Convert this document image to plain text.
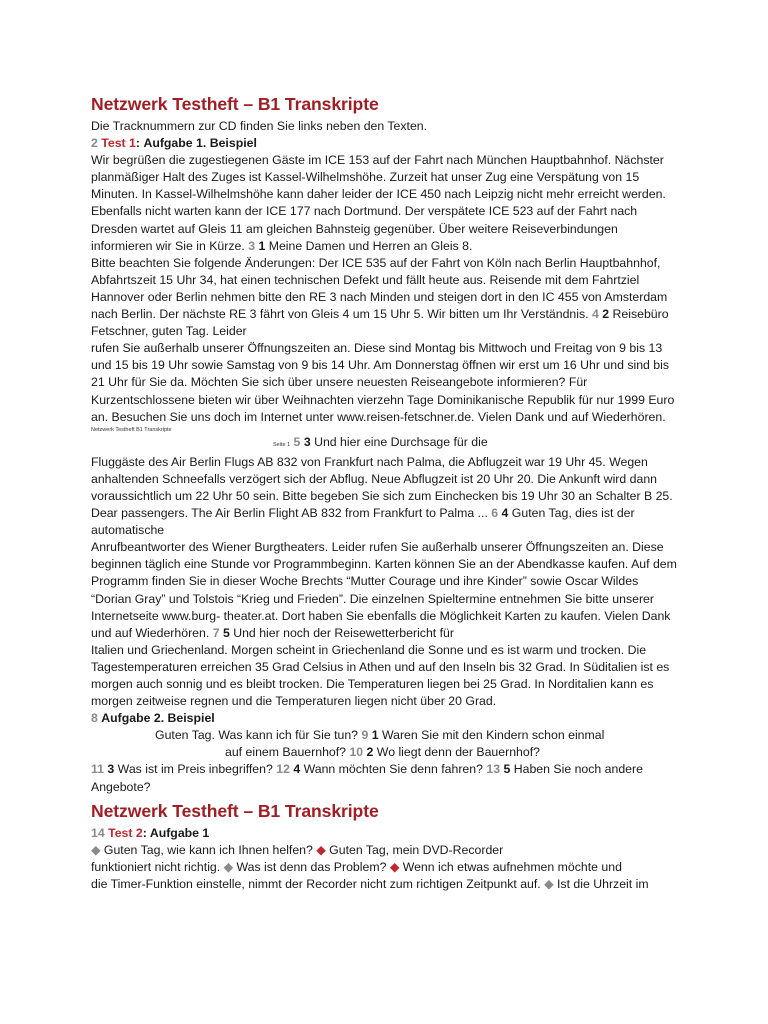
Netzwerk Testheft – B1 Transkripte

Die Tracknummern zur CD finden Sie links neben den Texten.

2 Test 1: Aufgabe 1. Beispiel

Wir begrüßen die zugestiegenen Gäste im ICE 153 auf der Fahrt nach München Hauptbahnhof. Nächster planmäßiger Halt des Zuges ist Kassel-Wilhelmshöhe. Zurzeit hat unser Zug eine Verspätung von 15 Minuten. In Kassel-Wilhelmshöhe kann daher leider der ICE 450 nach Leipzig nicht mehr erreicht werden. Ebenfalls nicht warten kann der ICE 177 nach Dortmund. Der verspätete ICE 523 auf der Fahrt nach Dresden wartet auf Gleis 11 am gleichen Bahnsteig gegenüber. Über weitere Reiseverbindungen informieren wir Sie in Kürze. 3 1 Meine Damen und Herren an Gleis 8.

Bitte beachten Sie folgende Änderungen: Der ICE 535 auf der Fahrt von Köln nach Berlin Hauptbahnhof, Abfahrtszeit 15 Uhr 34, hat einen technischen Defekt und fällt heute aus. Reisende mit dem Fahrtziel Hannover oder Berlin nehmen bitte den RE 3 nach Minden und steigen dort in den IC 455 von Amsterdam nach Berlin. Der nächste RE 3 fährt von Gleis 4 um 15 Uhr 5. Wir bitten um Ihr Verständnis. 4 2 Reisebüro Fetschner, guten Tag. Leider

rufen Sie außerhalb unserer Öffnungszeiten an. Diese sind Montag bis Mittwoch und Freitag von 9 bis 13 und 15 bis 19 Uhr sowie Samstag von 9 bis 14 Uhr. Am Donnerstag öffnen wir erst um 16 Uhr und sind bis 21 Uhr für Sie da. Möchten Sie sich über unsere neuesten Reiseangebote informieren? Für Kurzentschlossene bieten wir über Weihnachten vierzehn Tage Dominikanische Republik für nur 1999 Euro an. Besuchen Sie uns doch im Internet unter www.reisen-fetschner.de. Vielen Dank und auf Wiederhören.

Netzwerk Testheft B1 Transkripte

Seite 1 5 3 Und hier eine Durchsage für die

Fluggäste des Air Berlin Flugs AB 832 von Frankfurt nach Palma, die Abflugzeit war 19 Uhr 45. Wegen anhaltenden Schneefalls verzögert sich der Abflug. Neue Abflugzeit ist 20 Uhr 20. Die Ankunft wird dann voraussichtlich um 22 Uhr 50 sein. Bitte begeben Sie sich zum Einchecken bis 19 Uhr 30 an Schalter B 25. Dear passengers. The Air Berlin Flight AB 832 from Frankfurt to Palma ... 6 4 Guten Tag, dies ist der automatische

Anrufbeantworter des Wiener Burgtheaters. Leider rufen Sie außerhalb unserer Öffnungszeiten an. Diese beginnen täglich eine Stunde vor Programmbeginn. Karten können Sie an der Abendkasse kaufen. Auf dem Programm finden Sie in dieser Woche Brechts “Mutter Courage und ihre Kinder” sowie Oscar Wildes “Dorian Gray” und Tolstois “Krieg und Frieden”. Die einzelnen Spieltermine entnehmen Sie bitte unserer Internetseite www.burg- theater.at. Dort haben Sie ebenfalls die Möglichkeit Karten zu kaufen. Vielen Dank und auf Wiederhören. 7 5 Und hier noch der Reisewetterbericht für

Italien und Griechenland. Morgen scheint in Griechenland die Sonne und es ist warm und trocken. Die Tagestemperaturen erreichen 35 Grad Celsius in Athen und auf den Inseln bis 32 Grad. In Süditalien ist es morgen auch sonnig und es bleibt trocken. Die Temperaturen liegen bei 25 Grad. In Norditalien kann es morgen zeitweise regnen und die Temperaturen liegen nicht über 20 Grad.

8 Aufgabe 2. Beispiel

Guten Tag. Was kann ich für Sie tun? 9 1 Waren Sie mit den Kindern schon einmal

auf einem Bauernhof? 10 2 Wo liegt denn der Bauernhof?

11 3 Was ist im Preis inbegriffen? 12 4 Wann möchten Sie denn fahren? 13 5 Haben Sie noch andere Angebote?

Netzwerk Testheft – B1 Transkripte

14 Test 2: Aufgabe 1

◆ Guten Tag, wie kann ich Ihnen helfen? ◆ Guten Tag, mein DVD-Recorder

funktioniert nicht richtig. ◆ Was ist denn das Problem? ◆ Wenn ich etwas aufnehmen möchte und

die Timer-Funktion einstelle, nimmt der Recorder nicht zum richtigen Zeitpunkt auf. ◆ Ist die Uhrzeit im
